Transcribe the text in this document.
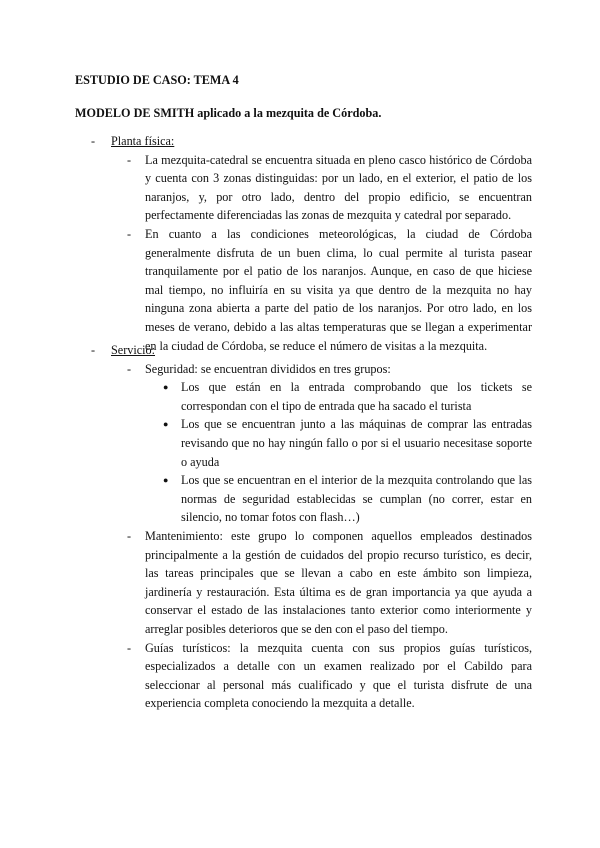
ESTUDIO DE CASO: TEMA 4
MODELO DE SMITH aplicado a la mezquita de Córdoba.
- Planta física:
- La mezquita-catedral se encuentra situada en pleno casco histórico de Córdoba y cuenta con 3 zonas distinguidas: por un lado, en el exterior, el patio de los naranjos, y, por otro lado, dentro del propio edificio, se encuentran perfectamente diferenciadas las zonas de mezquita y catedral por separado.

- En cuanto a las condiciones meteorológicas, la ciudad de Córdoba generalmente disfruta de un buen clima, lo cual permite al turista pasear tranquilamente por el patio de los naranjos. Aunque, en caso de que hiciese mal tiempo, no influiría en su visita ya que dentro de la mezquita no hay ninguna zona abierta a parte del patio de los naranjos. Por otro lado, en los meses de verano, debido a las altas temperaturas que se llegan a experimentar en la ciudad de Córdoba, se reduce el número de visitas a la mezquita.

- Servicio:
- Seguridad: se encuentran divididos en tres grupos:

● Los que están en la entrada comprobando que los tickets se correspondan con el tipo de entrada que ha sacado el turista

● Los que se encuentran junto a las máquinas de comprar las entradas revisando que no hay ningún fallo o por si el usuario necesitase soporte o ayuda

● Los que se encuentran en el interior de la mezquita controlando que las normas de seguridad establecidas se cumplan (no correr, estar en silencio, no tomar fotos con flash…)

- Mantenimiento: este grupo lo componen aquellos empleados destinados principalmente a la gestión de cuidados del propio recurso turístico, es decir, las tareas principales que se llevan a cabo en este ámbito son limpieza, jardinería y restauración. Esta última es de gran importancia ya que ayuda a conservar el estado de las instalaciones tanto exterior como interiormente y arreglar posibles deterioros que se den con el paso del tiempo.

- Guías turísticos: la mezquita cuenta con sus propios guías turísticos, especializados a detalle con un examen realizado por el Cabildo para seleccionar al personal más cualificado y que el turista disfrute de una experiencia completa conociendo la mezquita a detalle.
